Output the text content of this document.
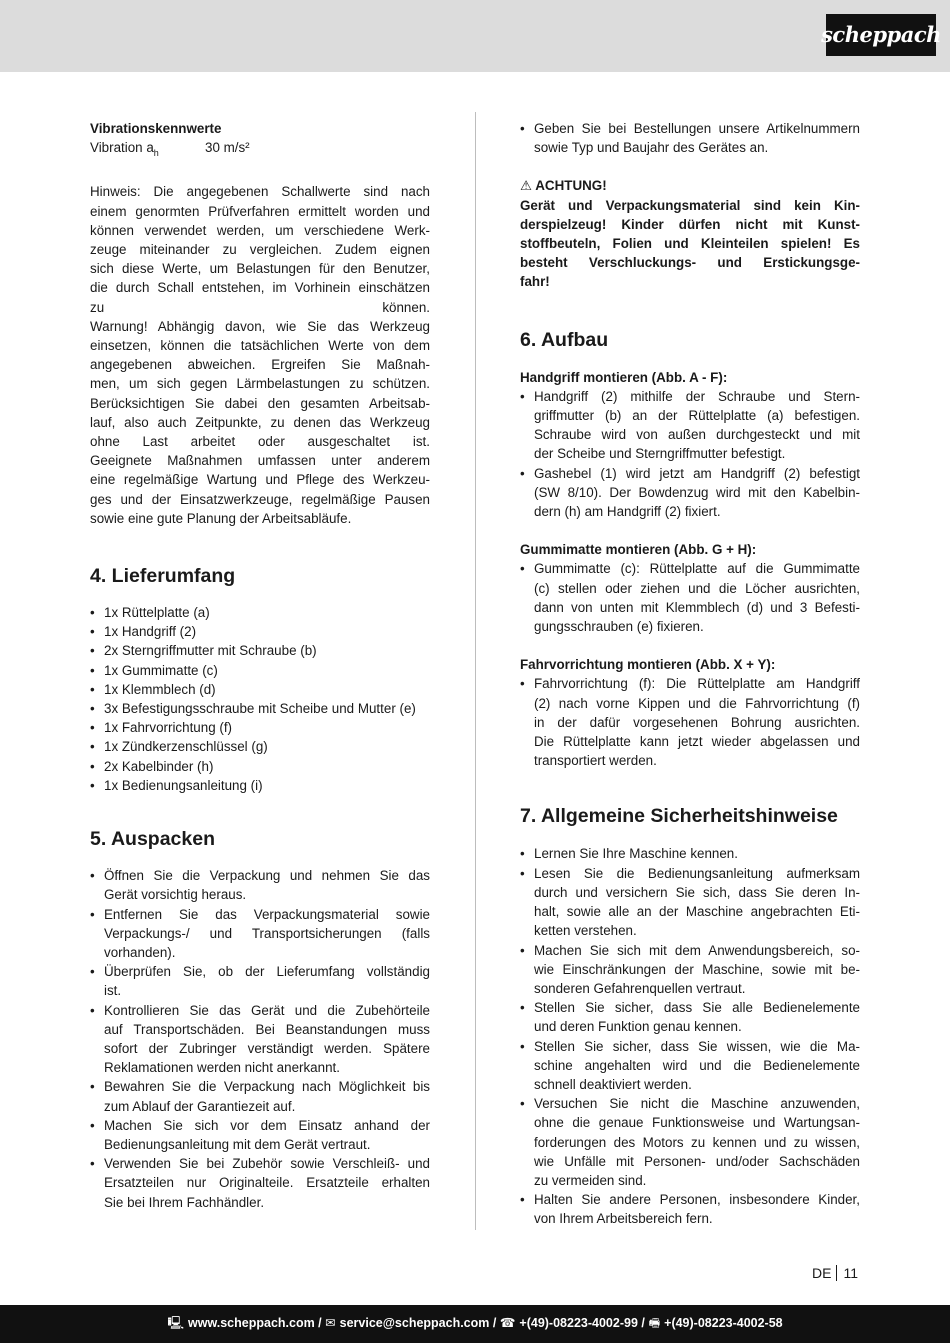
scheppach

Vibrationskennwerte

Vibration $a_h$	30 m/s²
Hinweis: Die angegebenen Schallwerte sind nach
einem genormten Prüfverfahren ermittelt worden und
können verwendet werden, um verschiedene Werk-
zeuge miteinander zu vergleichen. Zudem eignen
sich diese Werte, um Belastungen für den Benutzer,
die durch Schall entstehen, im Vorhinein einschätzen
zu können.
Warnung! Abhängig davon, wie Sie das Werkzeug
einsetzen, können die tatsächlichen Werte von dem
angegebenen abweichen. Ergreifen Sie Maßnah-
men, um sich gegen Lärmbelastungen zu schützen.
Berücksichtigen Sie dabei den gesamten Arbeitsab-
lauf, also auch Zeitpunkte, zu denen das Werkzeug
ohne Last arbeitet oder ausgeschaltet ist.
Geeignete Maßnahmen umfassen unter anderem
eine regelmäßige Wartung und Pflege des Werkzeu-
ges und der Einsatzwerkzeuge, regelmäßige Pausen
sowie eine gute Planung der Arbeitsabläufe.
4. Lieferumfang
• 1x Rüttelplatte (a)
• 1x Handgriff (2)
• 2x Sterngriffmutter mit Schraube (b)
• 1x Gummimatte (c)
• 1x Klemmblech (d)
• 3x Befestigungsschraube mit Scheibe und Mutter (e)
• 1x Fahrvorrichtung (f)
• 1x Zündkerzenschlüssel (g)
• 2x Kabelbinder (h)
• 1x Bedienungsanleitung (i)
5. Auspacken
• Öffnen Sie die Verpackung und nehmen Sie das
Gerät vorsichtig heraus.
• Entfernen Sie das Verpackungsmaterial sowie
Verpackungs-/ und Transportsicherungen (falls
vorhanden).
• Überprüfen Sie, ob der Lieferumfang vollständig
ist.
• Kontrollieren Sie das Gerät und die Zubehörteile
auf Transportschäden. Bei Beanstandungen muss
sofort der Zubringer verständigt werden. Spätere
Reklamationen werden nicht anerkannt.
• Bewahren Sie die Verpackung nach Möglichkeit bis
zum Ablauf der Garantiezeit auf.
• Machen Sie sich vor dem Einsatz anhand der
Bedienungsanleitung mit dem Gerät vertraut.
• Verwenden Sie bei Zubehör sowie Verschleiß- und
Ersatzteilen nur Originalteile. Ersatzteile erhalten
Sie bei Ihrem Fachhändler.
• Geben Sie bei Bestellungen unsere Artikelnummern
sowie Typ und Baujahr des Gerätes an.

⚠ ACHTUNG!

Gerät und Verpackungsmaterial sind kein Kin-
derspielzeug! Kinder dürfen nicht mit Kunst-
stoffbeuteln, Folien und Kleinteilen spielen! Es
besteht Verschluckungs- und Erstickungsge-
fahr!
6. Aufbau

Handgriff montieren (Abb. A - F):

• Handgriff (2) mithilfe der Schraube und Stern-
griffmutter (b) an der Rüttelplatte (a) befestigen.
Schraube wird von außen durchgesteckt und mit
der Scheibe und Sterngriffmutter befestigt.
• Gashebel (1) wird jetzt am Handgriff (2) befestigt
(SW 8/10). Der Bowdenzug wird mit den Kabelbin-
dern (h) am Handgriff (2) fixiert.

Gummimatte montieren (Abb. G + H):

• Gummimatte (c): Rüttelplatte auf die Gummimatte
(c) stellen oder ziehen und die Löcher ausrichten,
dann von unten mit Klemmblech (d) und 3 Befesti-
gungsschrauben (e) fixieren.

Fahrvorrichtung montieren (Abb. X + Y):

• Fahrvorrichtung (f): Die Rüttelplatte am Handgriff
(2) nach vorne Kippen und die Fahrvorrichtung (f)
in der dafür vorgesehenen Bohrung ausrichten.
Die Rüttelplatte kann jetzt wieder abgelassen und
transportiert werden.
7. Allgemeine Sicherheitshinweise
• Lernen Sie Ihre Maschine kennen.
• Lesen Sie die Bedienungsanleitung aufmerksam
durch und versichern Sie sich, dass Sie deren In-
halt, sowie alle an der Maschine angebrachten Eti-
ketten verstehen.
• Machen Sie sich mit dem Anwendungsbereich, so-
wie Einschränkungen der Maschine, sowie mit be-
sonderen Gefahrenquellen vertraut.
• Stellen Sie sicher, dass Sie alle Bedienelemente
und deren Funktion genau kennen.
• Stellen Sie sicher, dass Sie wissen, wie die Ma-
schine angehalten wird und die Bedienelemente
schnell deaktiviert werden.
• Versuchen Sie nicht die Maschine anzuwenden,
ohne die genaue Funktionsweise und Wartungsan-
forderungen des Motors zu kennen und zu wissen,
wie Unfälle mit Personen- und/oder Sachschäden
zu vermeiden sind.
• Halten Sie andere Personen, insbesondere Kinder,
von Ihrem Arbeitsbereich fern.
DE 11
🖳 www.scheppach.com /
✉ service@scheppach.com /
☎ +(49)-08223-4002-99 /
🖷 +(49)-08223-4002-58
